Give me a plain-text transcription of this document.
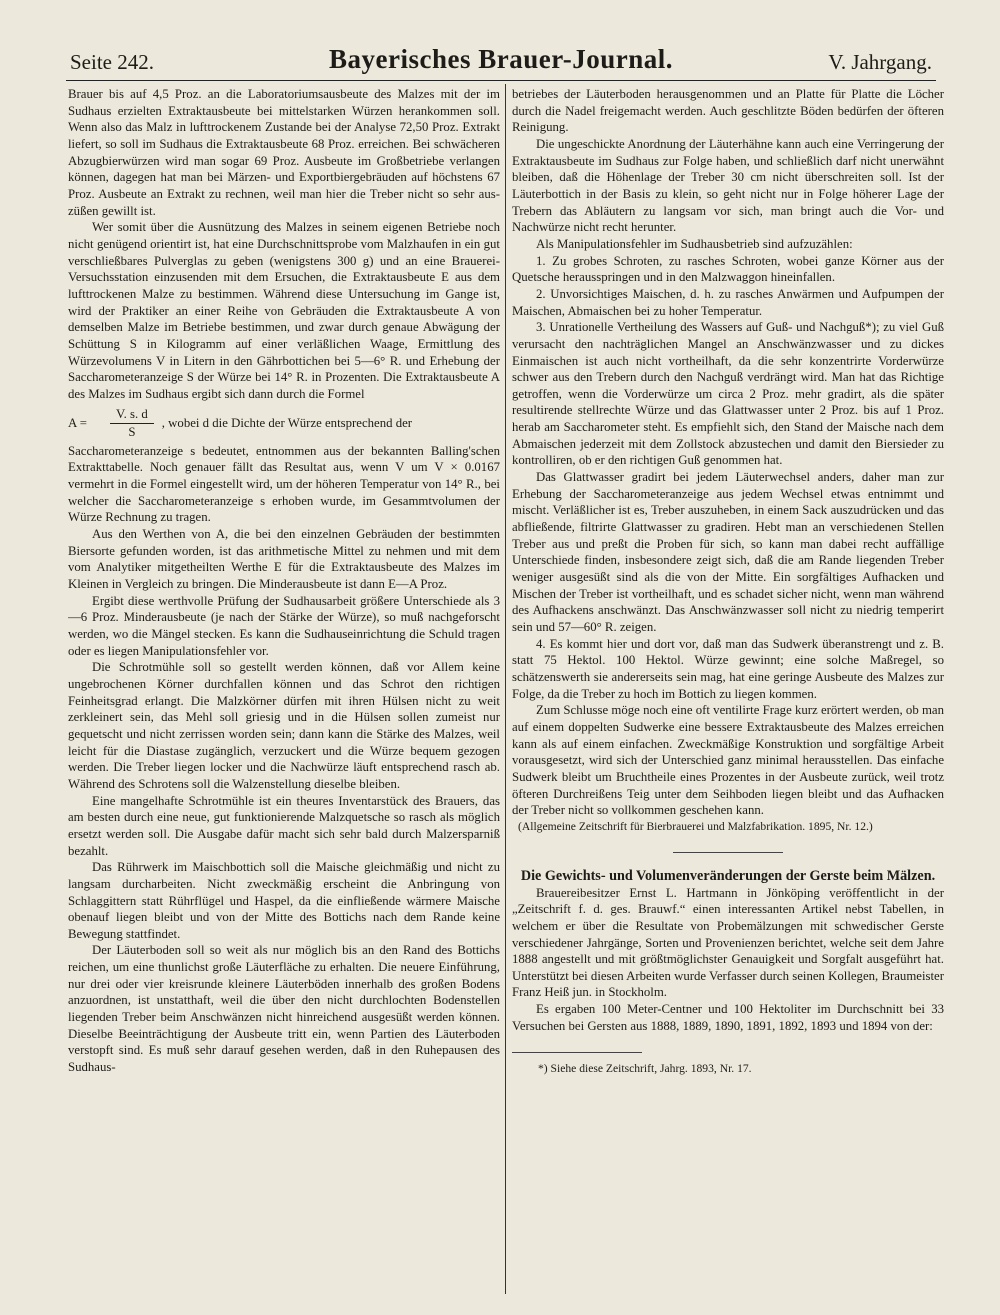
Seite 242.	Bayerisches Brauer-Journal.	V. Jahrgang.

Brauer bis auf 4,5 Proz. an die Laboratoriumsausbeute des Malzes mit der im Sudhaus erzielten Extraktausbeute bei mittelstarken Würzen herankommen soll. Wenn also das Malz in lufttrockenem Zustande bei der Analyse 72,50 Proz. Extrakt liefert, so soll im Sudhaus die Extraktausbeute 68 Proz. erreichen. Bei schwächeren Abzugbierwürzen wird man sogar 69 Proz. Ausbeute im Großbetriebe verlangen können, dagegen hat man bei Märzen- und Exportbiergebräuden auf höchstens 67 Proz. Ausbeute an Extrakt zu rechnen, weil man hier die Treber nicht so sehr aus-züßen gewillt ist.

Wer somit über die Ausnützung des Malzes in seinem eigenen Betriebe noch nicht genügend orientirt ist, hat eine Durchschnittsprobe vom Malzhaufen in ein gut verschließbares Pulverglas zu geben (wenigstens 300 g) und an eine Brauerei-Versuchsstation einzusenden mit dem Ersuchen, die Extraktausbeute E aus dem lufttrockenen Malze zu bestimmen. Während diese Untersuchung im Gange ist, wird der Praktiker an einer Reihe von Gebräuden die Extraktausbeute A von demselben Malze im Betriebe bestimmen, und zwar durch genaue Abwägung der Schüttung S in Kilogramm auf einer verläßlichen Waage, Ermittlung des Würzevolumens V in Litern in den Gährbottichen bei 5—6° R. und Erhebung der Saccharometeranzeige S der Würze bei 14° R. in Prozenten. Die Extraktausbeute A des Malzes im Sudhaus ergibt sich dann durch die Formel

A =	$\frac{V. s. d}{S}$ , wobei d die Dichte der Würze entsprechend der

Saccharometeranzeige s bedeutet, entnommen aus der bekannten Balling'schen Extrakttabelle. Noch genauer fällt das Resultat aus, wenn V um V × 0.0167 vermehrt in die Formel eingestellt wird, um der höheren Temperatur von 14° R., bei welcher die Saccharometeranzeige s erhoben wurde, im Gesammtvolumen der Würze Rechnung zu tragen.

Aus den Werthen von A, die bei den einzelnen Gebräuden der bestimmten Biersorte gefunden worden, ist das arithmetische Mittel zu nehmen und mit dem vom Analytiker mitgetheilten Werthe E für die Extraktausbeute des Malzes im Kleinen in Vergleich zu bringen. Die Minderausbeute ist dann E—A Proz.

Ergibt diese werthvolle Prüfung der Sudhausarbeit größere Unterschiede als 3—6 Proz. Minderausbeute (je nach der Stärke der Würze), so muß nachgeforscht werden, wo die Mängel stecken. Es kann die Sudhauseinrichtung die Schuld tragen oder es liegen Manipulationsfehler vor.

Die Schrotmühle soll so gestellt werden können, daß vor Allem keine ungebrochenen Körner durchfallen können und das Schrot den richtigen Feinheitsgrad erlangt. Die Malzkörner dürfen mit ihren Hülsen nicht zu weit zerkleinert sein, das Mehl soll griesig und in die Hülsen sollen zumeist nur gequetscht und nicht zerrissen worden sein; dann kann die Stärke des Malzes, weil leicht für die Diastase zugänglich, verzuckert und die Würze bequem gezogen werden. Die Treber liegen locker und die Nachwürze läuft entsprechend rasch ab. Während des Schrotens soll die Walzenstellung dieselbe bleiben.

Eine mangelhafte Schrotmühle ist ein theures Inventarstück des Brauers, das am besten durch eine neue, gut funktionierende Malzquetsche so rasch als möglich ersetzt werden soll. Die Ausgabe dafür macht sich sehr bald durch Malzersparniß bezahlt.

Das Rührwerk im Maischbottich soll die Maische gleichmäßig und nicht zu langsam durcharbeiten. Nicht zweckmäßig erscheint die Anbringung von Schlaggittern statt Rührflügel und Haspel, da die einfließende wärmere Maische obenauf liegen bleibt und von der Mitte des Bottichs nach dem Rande keine Bewegung stattfindet.

Der Läuterboden soll so weit als nur möglich bis an den Rand des Bottichs reichen, um eine thunlichst große Läuterfläche zu erhalten. Die neuere Einführung, nur drei oder vier kreisrunde kleinere Läuterböden innerhalb des großen Bodens anzuordnen, ist unstatthaft, weil die über den nicht durchlochten Bodenstellen liegenden Treber beim Anschwänzen nicht hinreichend ausgesüßt werden können. Dieselbe Beeinträchtigung der Ausbeute tritt ein, wenn Partien des Läuterboden verstopft sind. Es muß sehr darauf gesehen werden, daß in den Ruhepausen des Sudhaus-

betriebes der Läuterboden herausgenommen und an Platte für Platte die Löcher durch die Nadel freigemacht werden. Auch geschlitzte Böden bedürfen der öfteren Reinigung.

Die ungeschickte Anordnung der Läuterhähne kann auch eine Verringerung der Extraktausbeute im Sudhaus zur Folge haben, und schließlich darf nicht unerwähnt bleiben, daß die Höhenlage der Treber 30 cm nicht überschreiten soll. Ist der Läuterbottich in der Basis zu klein, so geht nicht nur in Folge höherer Lage der Trebern das Abläutern zu langsam vor sich, man bringt auch die Vor- und Nachwürze nicht recht herunter.

Als Manipulationsfehler im Sudhausbetrieb sind aufzuzählen:

1. Zu grobes Schroten, zu rasches Schroten, wobei ganze Körner aus der Quetsche herausspringen und in den Malzwaggon hineinfallen.

2. Unvorsichtiges Maischen, d. h. zu rasches Anwärmen und Aufpumpen der Maischen, Abmaischen bei zu hoher Temperatur.

3. Unrationelle Vertheilung des Wassers auf Guß- und Nachguß*); zu viel Guß verursacht den nachträglichen Mangel an Anschwänzwasser und zu dickes Einmaischen ist auch nicht vortheilhaft, da die sehr konzentrirte Vorderwürze schwer aus den Trebern durch den Nachguß verdrängt wird. Man hat das Richtige getroffen, wenn die Vorderwürze um circa 2 Proz. mehr gradirt, als die später resultirende stellrechte Würze und das Glattwasser unter 2 Proz. bis auf 1 Proz. herab am Saccharometer steht. Es empfiehlt sich, den Stand der Maische nach dem Abmaischen jederzeit mit dem Zollstock abzustechen und damit den Biersieder zu kontrolliren, ob er den richtigen Guß genommen hat.

Das Glattwasser gradirt bei jedem Läuterwechsel anders, daher man zur Erhebung der Saccharometeranzeige aus jedem Wechsel etwas entnimmt und mischt. Verläßlicher ist es, Treber auszuheben, in einem Sack auszudrücken und das abfließende, filtrirte Glattwasser zu gradiren. Hebt man an verschiedenen Stellen Treber aus und preßt die Proben für sich, so kann man dabei recht auffällige Unterschiede finden, insbesondere zeigt sich, daß die am Rande liegenden Treber weniger ausgesüßt sind als die von der Mitte. Ein sorgfältiges Aufhacken und Mischen der Treber ist vortheilhaft, und es schadet sicher nicht, wenn man während des Aufhackens anschwänzt. Das Anschwänzwasser soll nicht zu niedrig temperirt sein und 57—60° R. zeigen.

4. Es kommt hier und dort vor, daß man das Sudwerk überanstrengt und z. B. statt 75 Hektol. 100 Hektol. Würze gewinnt; eine solche Maßregel, so schätzenswerth sie andererseits sein mag, hat eine geringe Ausbeute des Malzes zur Folge, da die Treber zu hoch im Bottich zu liegen kommen.

Zum Schlusse möge noch eine oft ventilirte Frage kurz erörtert werden, ob man auf einem doppelten Sudwerke eine bessere Extraktausbeute des Malzes erreichen kann als auf einem einfachen. Zweckmäßige Konstruktion und sorgfältige Arbeit vorausgesetzt, wird sich der Unterschied ganz minimal herausstellen. Das einfache Sudwerk bleibt um Bruchtheile eines Prozentes in der Ausbeute zurück, weil trotz öfteren Durchreißens Teig unter dem Seihboden liegen bleibt und das Aufhacken der Treber nicht so vollkommen geschehen kann.

(Allgemeine Zeitschrift für Bierbrauerei und Malzfabrikation. 1895, Nr. 12.)

Die Gewichts- und Volumenveränderungen der Gerste beim Mälzen.

Brauereibesitzer Ernst L. Hartmann in Jönköping veröffentlicht in der „Zeitschrift f. d. ges. Brauwf.“ einen interessanten Artikel nebst Tabellen, in welchem er über die Resultate von Probemälzungen mit schwedischer Gerste verschiedener Jahrgänge, Sorten und Provenienzen berichtet, welche seit dem Jahre 1888 angestellt und mit größtmöglichster Genauigkeit und Sorgfalt ausgeführt hat. Unterstützt bei diesen Arbeiten wurde Verfasser durch seinen Kollegen, Braumeister Franz Heiß jun. in Stockholm.

Es ergaben 100 Meter-Centner und 100 Hektoliter im Durchschnitt bei 33 Versuchen bei Gersten aus 1888, 1889, 1890, 1891, 1892, 1893 und 1894 von der:

*) Siehe diese Zeitschrift, Jahrg. 1893, Nr. 17.
